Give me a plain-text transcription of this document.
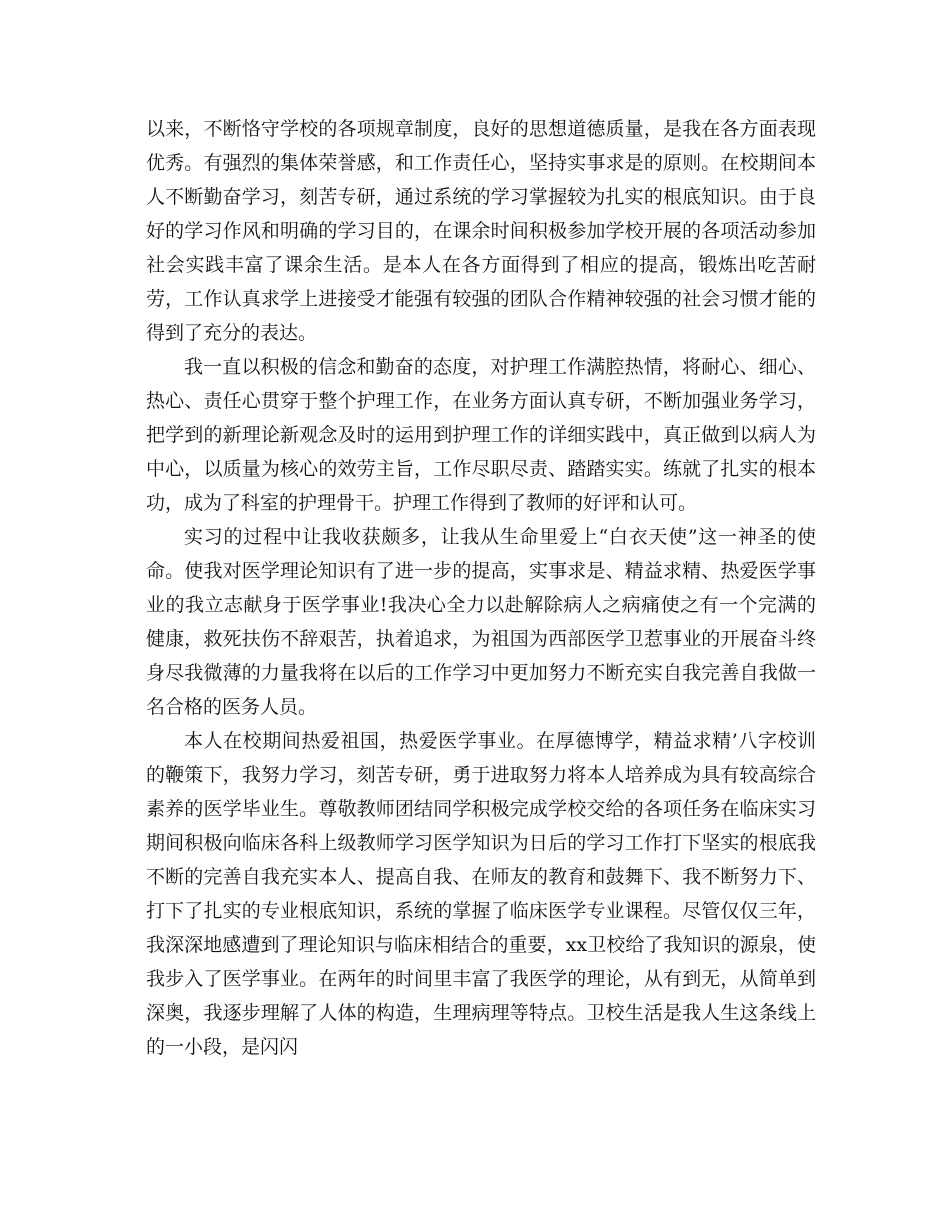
以来，不断恪守学校的各项规章制度，良好的思想道德质量，是我在各方面表现优秀。有强烈的集体荣誉感，和工作责任心，坚持实事求是的原则。在校期间本人不断勤奋学习，刻苦专研，通过系统的学习掌握较为扎实的根底知识。由于良好的学习作风和明确的学习目的，在课余时间积极参加学校开展的各项活动参加社会实践丰富了课余生活。是本人在各方面得到了相应的提高，锻炼出吃苦耐劳，工作认真求学上进接受才能强有较强的团队合作精神较强的社会习惯才能的得到了充分的表达。

我一直以积极的信念和勤奋的态度，对护理工作满腔热情，将耐心、细心、热心、责任心贯穿于整个护理工作，在业务方面认真专研，不断加强业务学习，把学到的新理论新观念及时的运用到护理工作的详细实践中，真正做到以病人为中心，以质量为核心的效劳主旨，工作尽职尽责、踏踏实实。练就了扎实的根本功，成为了科室的护理骨干。护理工作得到了教师的好评和认可。

实习的过程中让我收获颇多，让我从生命里爱上“白衣天使”这一神圣的使命。使我对医学理论知识有了进一步的提高，实事求是、精益求精、热爱医学事业的我立志献身于医学事业!我决心全力以赴解除病人之病痛使之有一个完满的健康，救死扶伤不辞艰苦，执着追求，为祖国为西部医学卫惹事业的开展奋斗终身尽我微薄的力量我将在以后的工作学习中更加努力不断充实自我完善自我做一名合格的医务人员。

本人在校期间热爱祖国，热爱医学事业。在厚德博学，精益求精’八字校训的鞭策下，我努力学习，刻苦专研，勇于进取努力将本人培养成为具有较高综合素养的医学毕业生。尊敬教师团结同学积极完成学校交给的各项任务在临床实习期间积极向临床各科上级教师学习医学知识为日后的学习工作打下坚实的根底我不断的完善自我充实本人、提高自我、在师友的教育和鼓舞下、我不断努力下、打下了扎实的专业根底知识，系统的掌握了临床医学专业课程。尽管仅仅三年，我深深地感遭到了理论知识与临床相结合的重要，xx卫校给了我知识的源泉，使我步入了医学事业。在两年的时间里丰富了我医学的理论，从有到无，从简单到深奥，我逐步理解了人体的构造，生理病理等特点。卫校生活是我人生这条线上的一小段，是闪闪
